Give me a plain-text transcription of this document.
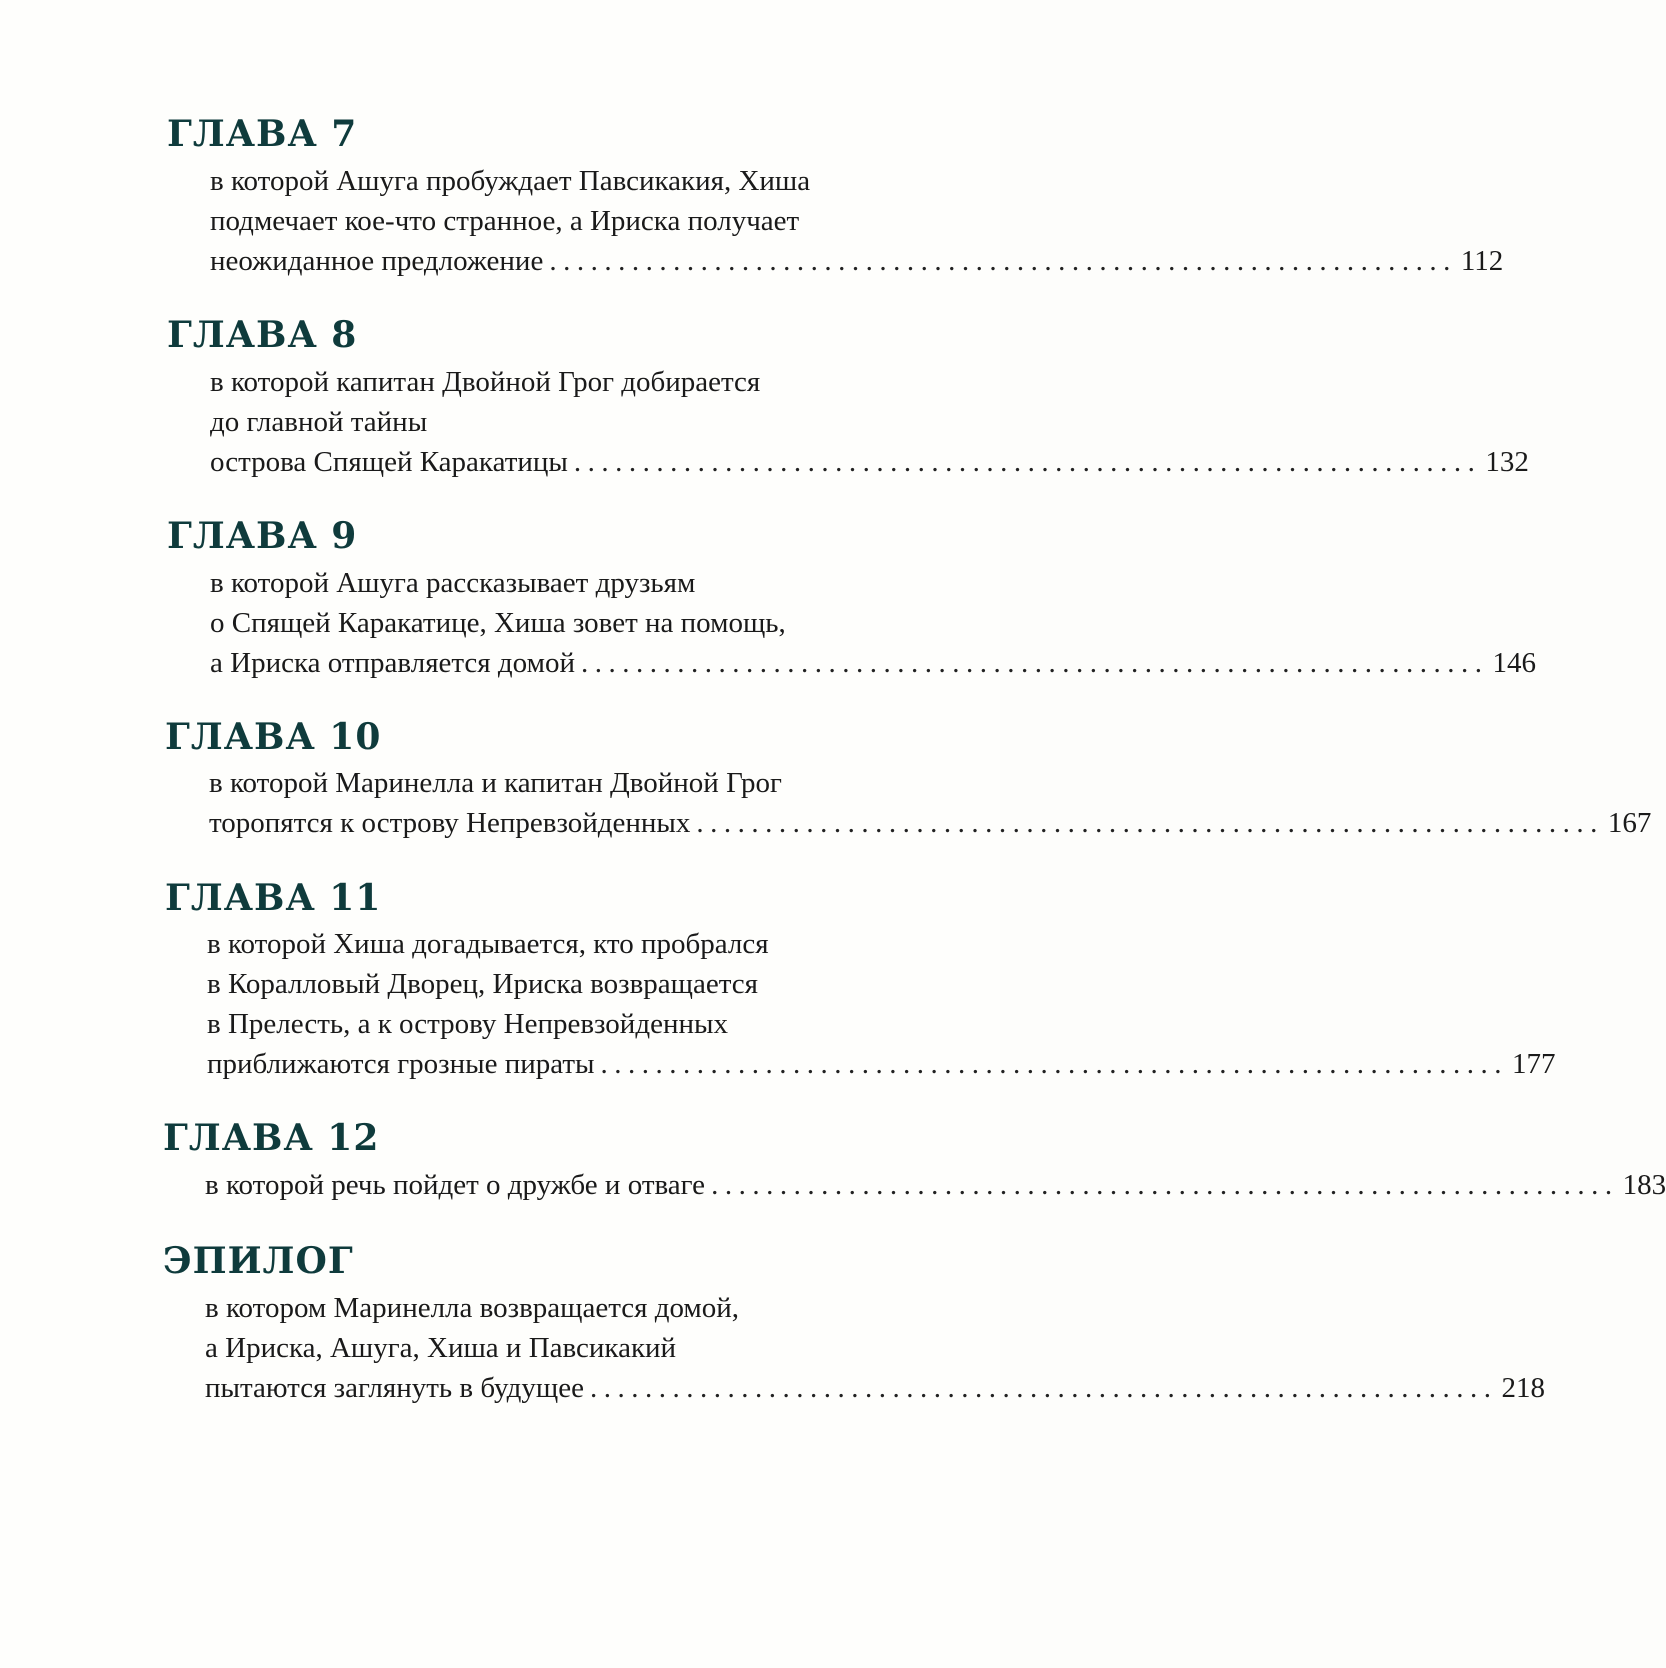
ГЛАВА 7
в которой Ашуга пробуждает Павсикакия, Хиша
подмечает кое-что странное, а Ириска получает
неожиданное предложение .................................................................. 112
ГЛАВА 8
в которой капитан Двойной Грог добирается
до главной тайны
острова Спящей Каракатицы .................................................................. 132
ГЛАВА 9
в которой Ашуга рассказывает друзьям
о Спящей Каракатице, Хиша зовет на помощь,
а Ириска отправляется домой .................................................................. 146
ГЛАВА 10
в которой Маринелла и капитан Двойной Грог
торопятся к острову Непревзойденных .................................................................. 167
ГЛАВА 11
в которой Хиша догадывается, кто пробрался
в Коралловый Дворец, Ириска возвращается
в Прелесть, а к острову Непревзойденных
приближаются грозные пираты .................................................................. 177
ГЛАВА 12
в которой речь пойдет о дружбе и отваге .................................................................. 183
ЭПИЛОГ
в котором Маринелла возвращается домой,
а Ириска, Ашуга, Хиша и Павсикакий
пытаются заглянуть в будущее .................................................................. 218
